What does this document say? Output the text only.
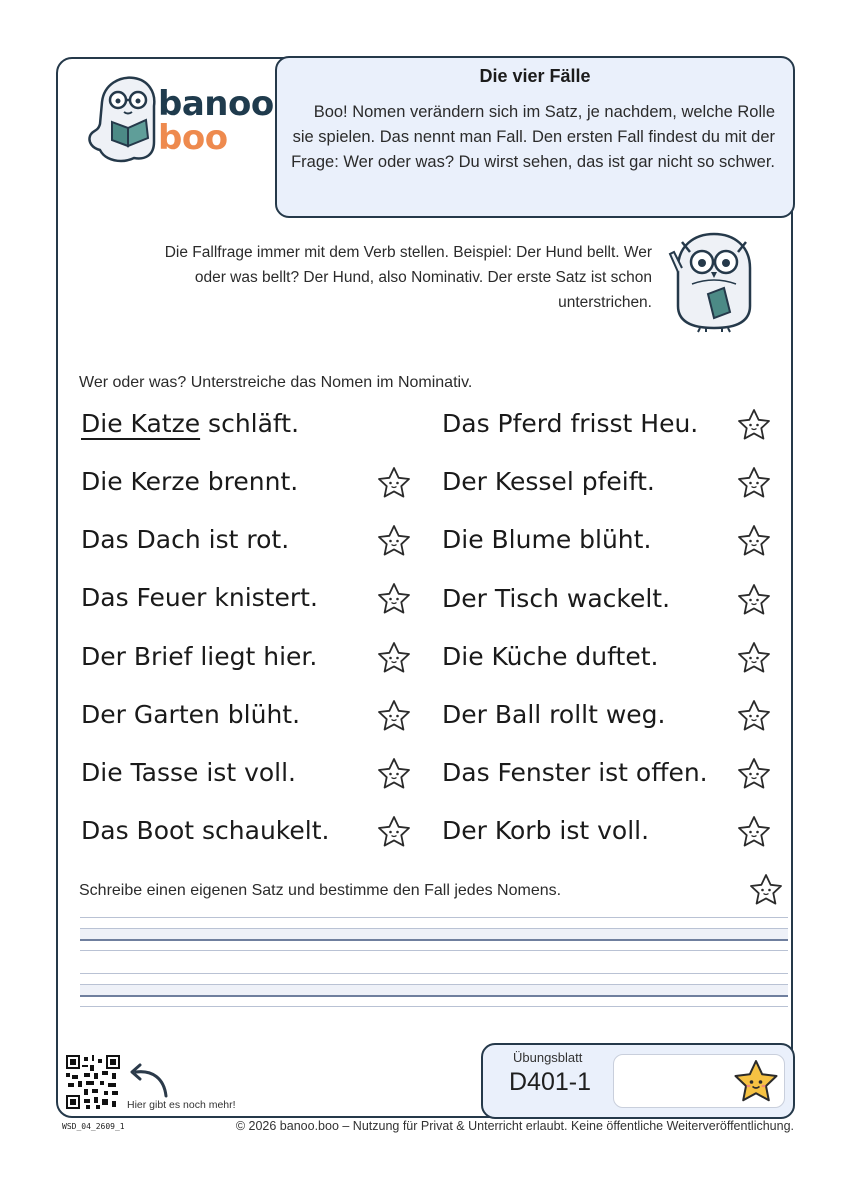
banoo
boo
Die vier Fälle
Boo! Nomen verändern sich im Satz, je nachdem, welche Rolle sie spielen. Das nennt man Fall. Den ersten Fall findest du mit der Frage: Wer oder was? Du wirst sehen, das ist gar nicht so schwer.
Die Fallfrage immer mit dem Verb stellen. Beispiel: Der Hund bellt. Wer oder was bellt? Der Hund, also Nominativ. Der erste Satz ist schon unterstrichen.
Wer oder was? Unterstreiche das Nomen im Nominativ.
Die Katze schläft.
Die Kerze brennt.
Das Dach ist rot.
Das Feuer knistert.
Der Brief liegt hier.
Der Garten blüht.
Die Tasse ist voll.
Das Boot schaukelt.
Das Pferd frisst Heu.
Der Kessel pfeift.
Die Blume blüht.
Der Tisch wackelt.
Die Küche duftet.
Der Ball rollt weg.
Das Fenster ist offen.
Der Korb ist voll.
Schreibe einen eigenen Satz und bestimme den Fall jedes Nomens.
Hier gibt es noch mehr!
WSD_04_2609_1	© 2026 banoo.boo – Nutzung für Privat & Unterricht erlaubt. Keine öffentliche Weiterveröffentlichung.
Übungsblatt
D401-1
